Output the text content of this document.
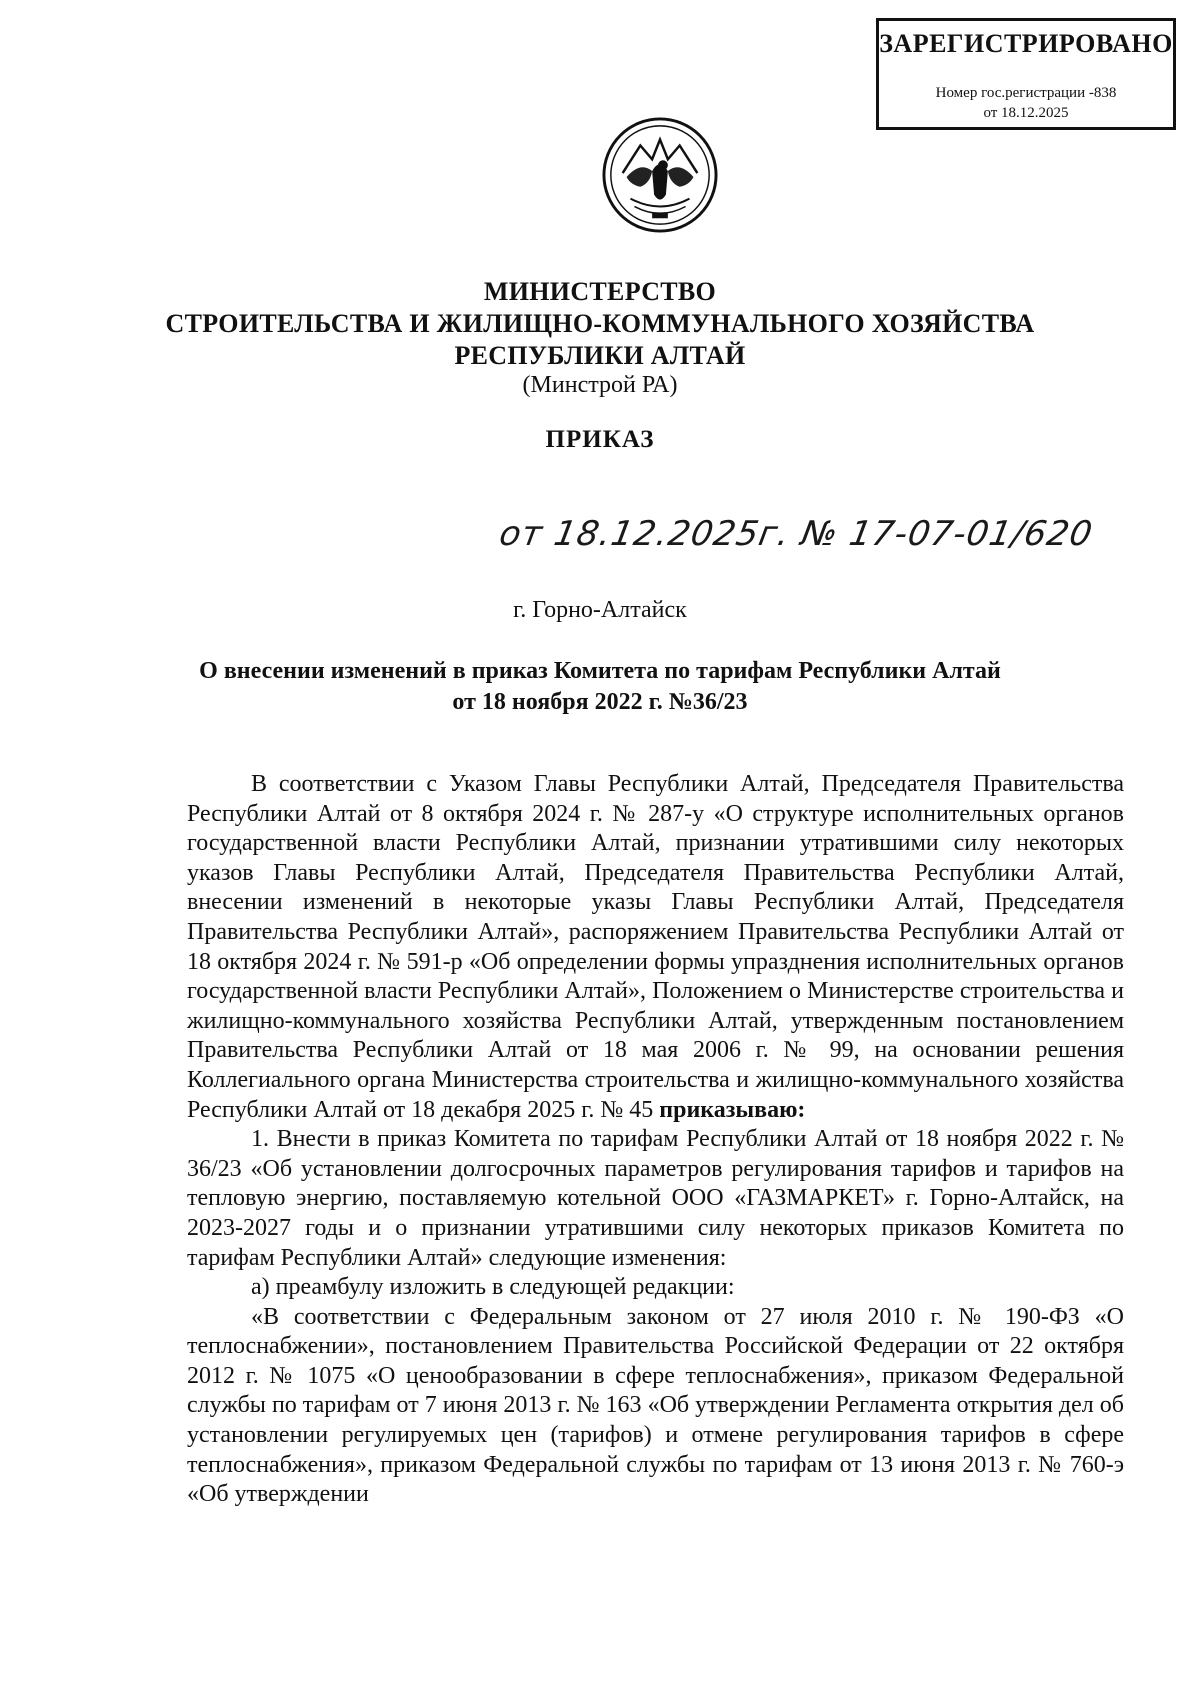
ЗАРЕГИСТРИРОВАНО
Номер гос.регистрации -838
от 18.12.2025
МИНИСТЕРСТВО
СТРОИТЕЛЬСТВА И ЖИЛИЩНО-КОММУНАЛЬНОГО ХОЗЯЙСТВА
РЕСПУБЛИКИ АЛТАЙ
(Минстрой РА)
ПРИКАЗ
от 18.12.2025г. № 17-07-01/620
г. Горно-Алтайск
О внесении изменений в приказ Комитета по тарифам Республики Алтай
от 18 ноября 2022 г. №36/23

В соответствии с Указом Главы Республики Алтай, Председателя Правительства Республики Алтай от 8 октября 2024 г. № 287-у «О структуре исполнительных органов государственной власти Республики Алтай, признании утратившими силу некоторых указов Главы Республики Алтай, Председателя Правительства Республики Алтай, внесении изменений в некоторые указы Главы Республики Алтай, Председателя Правительства Республики Алтай», распоряжением Правительства Республики Алтай от 18 октября 2024 г. № 591-р «Об определении формы упразднения исполнительных органов государственной власти Республики Алтай», Положением о Министерстве строительства и жилищно-коммунального хозяйства Республики Алтай, утвержденным постановлением Правительства Республики Алтай от 18 мая 2006 г. № 99, на основании решения Коллегиального органа Министерства строительства и жилищно-коммунального хозяйства Республики Алтай от 18 декабря 2025 г. № 45 приказываю:

1. Внести в приказ Комитета по тарифам Республики Алтай от 18 ноября 2022 г. № 36/23 «Об установлении долгосрочных параметров регулирования тарифов и тарифов на тепловую энергию, поставляемую котельной ООО «ГАЗМАРКЕТ» г. Горно-Алтайск, на 2023-2027 годы и о признании утратившими силу некоторых приказов Комитета по тарифам Республики Алтай» следующие изменения:

а) преамбулу изложить в следующей редакции:

«В соответствии с Федеральным законом от 27 июля 2010 г. № 190-ФЗ «О теплоснабжении», постановлением Правительства Российской Федерации от 22 октября 2012 г. № 1075 «О ценообразовании в сфере теплоснабжения», приказом Федеральной службы по тарифам от 7 июня 2013 г. № 163 «Об утверждении Регламента открытия дел об установлении регулируемых цен (тарифов) и отмене регулирования тарифов в сфере теплоснабжения», приказом Федеральной службы по тарифам от 13 июня 2013 г. № 760-э «Об утверждении
